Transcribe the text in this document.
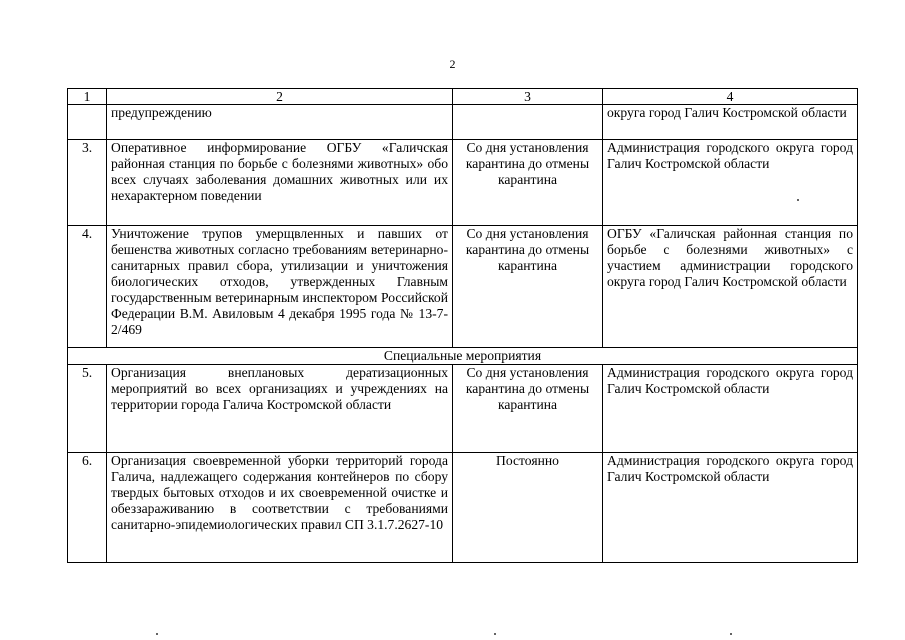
2
1	2	3	4
	предупреждению		округа город Галич Костромской области

3.	Оперативное информирование ОГБУ «Галичская районная станция по борьбе с болезнями животных» обо всех случаях заболевания домашних животных или их нехарактерном поведении	Со дня установления карантина до отмены карантина	Администрация городского округа город Галич Костромской области

4.	Уничтожение трупов умерщвленных и павших от бешенства животных согласно требованиям ветеринарно-санитарных правил сбора, утилизации и уничтожения биологических отходов, утвержденных Главным государственным ветеринарным инспектором Российской Федерации В.М. Авиловым 4 декабря 1995 года № 13-7-2/469	Со дня установления карантина до отмены карантина	ОГБУ «Галичская районная станция по борьбе с болезнями животных» с участием администрации городского округа город Галич Костромской области

Специальные мероприятия			
5.	Организация внеплановых дератизационных мероприятий во всех организациях и учреждениях на территории города Галича Костромской области	Со дня установления карантина до отмены карантина	Администрация городского округа город Галич Костромской области

6.	Организация своевременной уборки территорий города Галича, надлежащего содержания контейнеров по сбору твердых бытовых отходов и их своевременной очистке и обеззараживанию в соответствии с требованиями санитарно-эпидемиологических правил СП 3.1.7.2627-10	Постоянно	Администрация городского округа город Галич Костромской области
